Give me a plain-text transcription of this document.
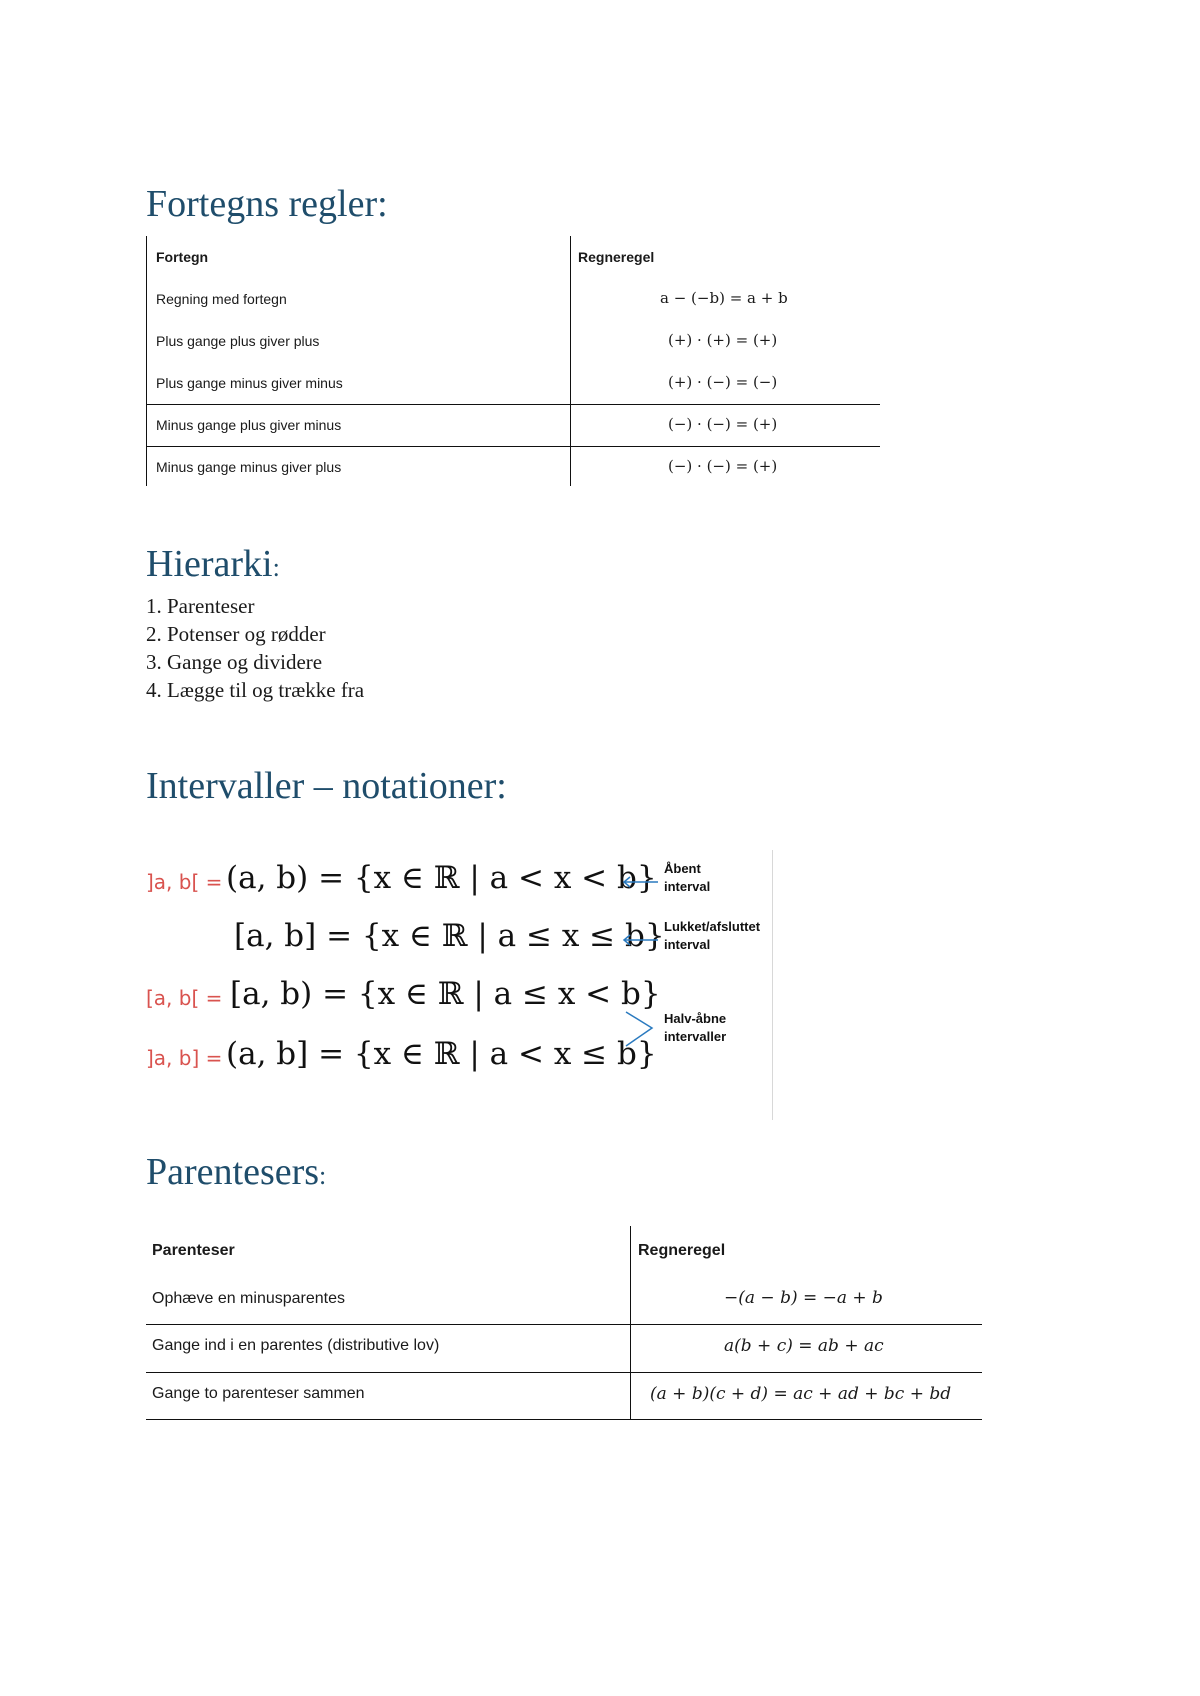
Fortegns regler:
Fortegn	Regneregel
Regning med fortegn	a − (−b) = a + b
Plus gange plus giver plus	(+) · (+) = (+)
Plus gange minus giver minus	(+) · (−) = (−)
Minus gange plus giver minus	(−) · (−) = (+)
Minus gange minus giver plus	(−) · (−) = (+)
Hierarki:
1. Parenteser
2. Potenser og rødder
3. Gange og dividere
4. Lægge til og trække fra
Intervaller – notationer:
]a, b[ = (a, b) = {x ∈ ℝ | a < x < b}
[a, b] = {x ∈ ℝ | a ≤ x ≤ b}
[a, b[ = [a, b) = {x ∈ ℝ | a ≤ x < b}
]a, b] = (a, b] = {x ∈ ℝ | a < x ≤ b}
Åbent
interval
Lukket/afsluttet
interval
Halv-åbne
intervaller
Parentesers:
Parenteser	Regneregel
Ophæve en minusparentes	−(a − b) = −a + b
Gange ind i en parentes (distributive lov)	a(b + c) = ab + ac
Gange to parenteser sammen	(a + b)(c + d) = ac + ad + bc + bd
